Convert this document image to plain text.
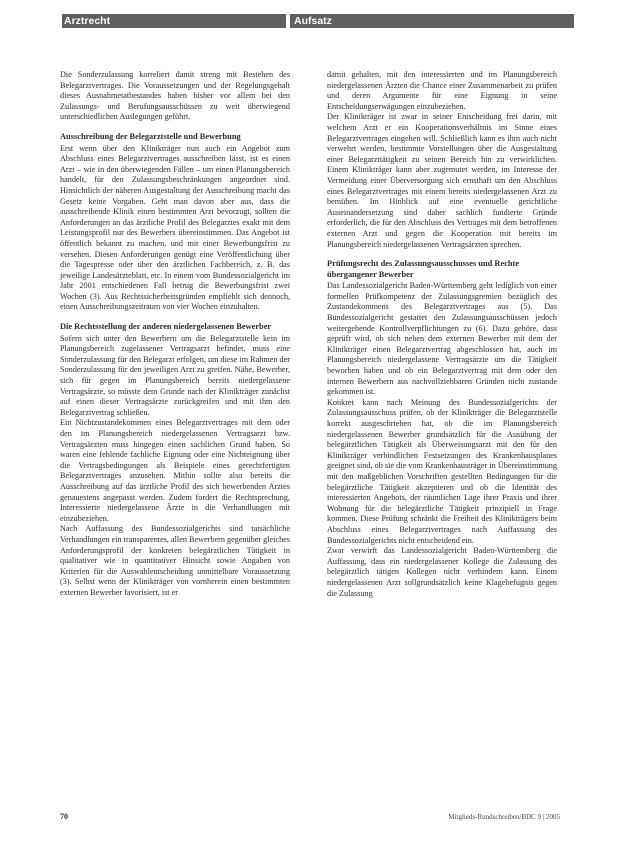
Arztrecht	Aufsatz

Die Sonderzulassung korreliert damit streng mit Bestehen des Belegarztvertrages. Die Voraussetzungen und der Regelungsgehalt dieses Ausnahmetatbestandes haben bisher vor allem bei den Zulassungs- und Berufungsausschüssen zu weit überwiegend unterschiedlichen Auslegungen geführt.

Ausschreibung der Belegarztstelle und Bewerbung

Erst wenn über den Klinikträger nun auch ein Angebot zum Abschluss eines Belegarztvertrages ausschreiben lässt, ist es einen Arzt – wie in den überwiegenden Fällen – um einen Planungsbereich handelt, für den Zulassungsbeschränkungen angeordnet sind. Hinsichtlich der näheren Ausgestaltung der Ausschreibung macht das Gesetz keine Vorgaben. Geht man davon aber aus, dass die ausschreibende Klinik einen bestimmten Arzt bevorzugt, sollten die Anforderungen an das ärztliche Profil des Belegarztes exakt mit dem Leistungsprofil nur des Bewerbers übereinstimmen. Das Angebot ist öffentlich bekannt zu machen, und mit einer Bewerbungsfrist zu versehen. Diesen Anforderungen genügt eine Veröffentlichung über die Tagespresse oder über den ärztlichen Fachbereich, z. B. das jeweilige Landesärzteblatt, etc. In einem vom Bundessozialgericht im Jahr 2001 entschiedenen Fall betrug die Bewerbungsfrist zwei Wochen (3). Aus Rechtssicherheitsgründen empfiehlt sich dennoch, einen Ausschreibungszeitraum von vier Wochen einzuhalten.

Die Rechtsstellung der anderen niedergelassenen Bewerber

Sofern sich unter den Bewerbern um die Belegarztstelle kein im Planungsbereich zugelassener Vertragsarzt befindet, muss eine Sonderzulassung für den Belegarzt erfolgen, um diese im Rahmen der Sonderzulassung für den jeweiligen Arzt zu greifen. Nähe, Bewerber, sich für gegen im Planungsbereich bereits niedergelassene Vertragsärzte, so müsste dem Grunde nach der Klinikträger zunächst auf einen dieser Vertragsärzte zurückgreifen und mit ihm den Belegarztvertrag schließen.

Ein Nichtzustandekommen eines Belegarztvertrages mit dem oder den im Planungsbereich niedergelassenen Vertragsarzt bzw. Vertragsärzten muss hingegen einen sachlichen Grund haben. So waren eine fehlende fachliche Eignung oder eine Nichteignung über die Vertragsbedingungen als Beispiele eines gerechtfertigten Belegarztvertrages anzusehen. Mithin sollte also bereits die Ausschreibung auf das ärztliche Profil des sich bewerbenden Arztes genauestens angepasst werden. Zudem fordert die Rechtsprechung, Interessierte niedergelassene Ärzte in die Verhandlungen mit einzubeziehen.

Nach Auffassung des Bundessozialgerichts sind tatsächliche Verhandlungen ein transparentes, allen Bewerbern gegenüber gleiches Anforderungsprofil der konkreten belegärztlichen Tätigkeit in qualitativer wie in quantitativer Hinsicht sowie Angaben von Kriterien für die Auswahlentscheidung unmittelbare Voraussetzung (3). Selbst wenn der Klinikträger von vornherein einen bestimmten externen Bewerber favorisiert, ist er

damit gehalten, mit den interessierten und im Planungsbereich niedergelassenen Ärzten die Chance einer Zusammenarbeit zu prüfen und deren Argumente für eine Eignung in seine Entscheidungserwägungen einzubeziehen.

Der Klinikträger ist zwar in seiner Entscheidung frei darin, mit welchem Arzt er ein Kooperationsverhältnis im Sinne eines Belegarztvertrages eingehen will. Schließlich kann es ihm auch nicht verwehrt werden, bestimmte Vorstellungen über die Ausgestaltung einer Belegarzttätigkeit zu seinen Bereich hin zu verwirklichen. Einem Klinikträger kann aber zugemutet werden, im Interesse der Vermeidung einer Überversorgung sich ernsthaft um den Abschluss eines Belegarztvertrages mit einem bereits niedergelassenen Arzt zu bemühen. Im Hinblick auf eine eventuelle gerichtliche Auseinandersetzung sind daher sachlich fundierte Gründe erforderlich, die für den Abschluss des Vertrages mit dem betroffenen externen Arzt und gegen die Kooperation mit bereits im Planungsbereich niedergelassenen Vertragsärzten sprechen.

Prüfungsrecht des Zulassungsausschusses und Rechte übergangener Bewerber

Das Landessozialgericht Baden-Württemberg geht lediglich von einer formellen Prüfkompetenz der Zulassungsgremien bezüglich des Zustandekommens des Belegarztvertrages aus (5). Das Bundessozialgericht gestattet den Zulassungsausschüssen jedoch weitergehende Kontrollverpflichtungen zu (6). Dazu gehöre, dass geprüft wird, ob sich neben dem externen Bewerber mit dem der Klinikträger einen Belegarztvertrag abgeschlossen hat, auch im Planungsbereich niedergelassene Vertragsärzte um die Tätigkeit beworben haben und ob ein Belegarztvertrag mit dem oder den internen Bewerbern aus nachvollziehbaren Gründen nicht zustande gekommen ist.

Konkret kann nach Meinung des Bundessozialgerichts der Zulassungsausschuss prüfen, ob der Klinikträger die Belegarztstelle korrekt ausgeschrieben hat, ob die im Planungsbereich niedergelassenen Bewerber grundsätzlich für die Ausübung der belegärztlichen Tätigkeit als Überweisungsarzt mit den für den Klinikträger verbindlichen Festsetzungen des Krankenhausplanes geeignet sind, ob sie die vom Krankenhausträger in Übereinstimmung mit den maßgeblichen Vorschriften gestellten Bedingungen für die belegärztliche Tätigkeit akzeptieren und ob die Identität des interessierten Angebots, der räumlichen Lage ihrer Praxis und ihrer Wohnung für die belegärztliche Tätigkeit prinzipiell in Frage kommen. Diese Prüfung schränkt die Freiheit des Klinikträgers beim Abschluss eines Belegarztvertrages nach Auffassung des Bundessozialgerichts nicht entscheidend ein.

Zwar verwirft das Landessozialgericht Baden-Württemberg die Auffassung, dass ein niedergelassener Kollege die Zulassung des belegärztlich tätigen Kollegen nicht verhindern kann. Einem niedergelassenen Arzt sollgrundsätzlich keine Klagebefugnis gegen die Zulassung

70	Mitglieds-Rundschreiben/BDC 9 | 2005
